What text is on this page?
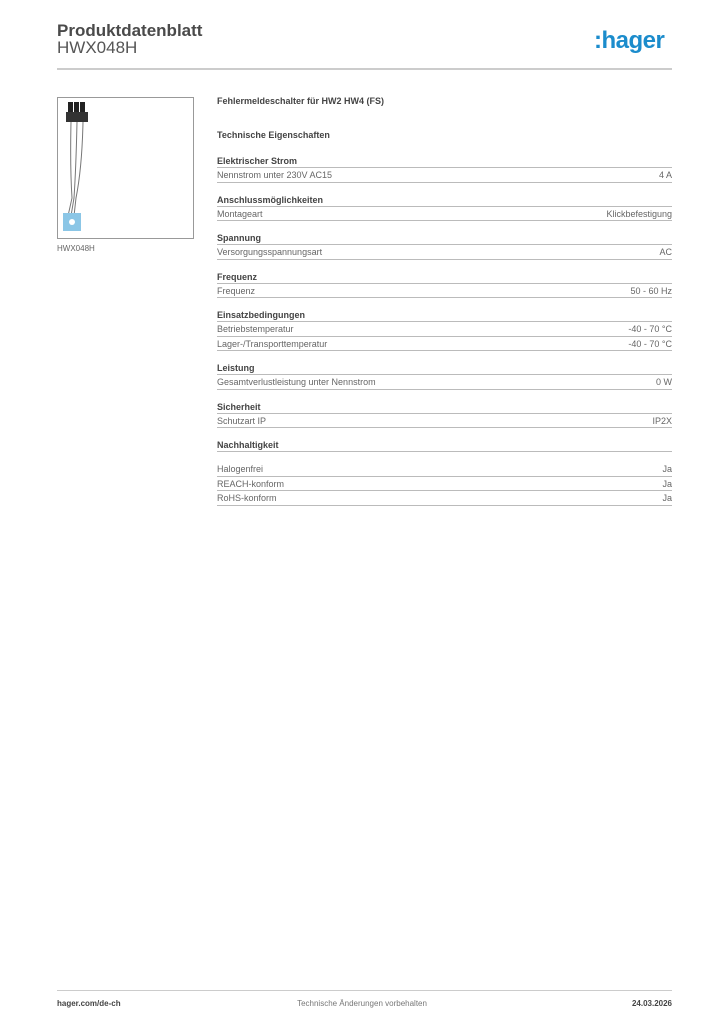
Produktdatenblatt
HWX048H	:hager
HWX048H
Fehlermeldeschalter für HW2 HW4 (FS)
Technische Eigenschaften
Elektrischer Strom
Nennstrom unter 230V AC15	4 A
Anschlussmöglichkeiten
Montageart	Klickbefestigung
Spannung
Versorgungsspannungsart	AC
Frequenz
Frequenz	50 - 60 Hz
Einsatzbedingungen
Betriebstemperatur	-40 - 70 °C
Lager-/Transporttemperatur	-40 - 70 °C
Leistung
Gesamtverlustleistung unter Nennstrom	0 W
Sicherheit
Schutzart IP	IP2X
Nachhaltigkeit
Halogenfrei	Ja
REACH-konform	Ja
RoHS-konform	Ja
hager.com/de-ch	Technische Änderungen vorbehalten	24.03.2026
